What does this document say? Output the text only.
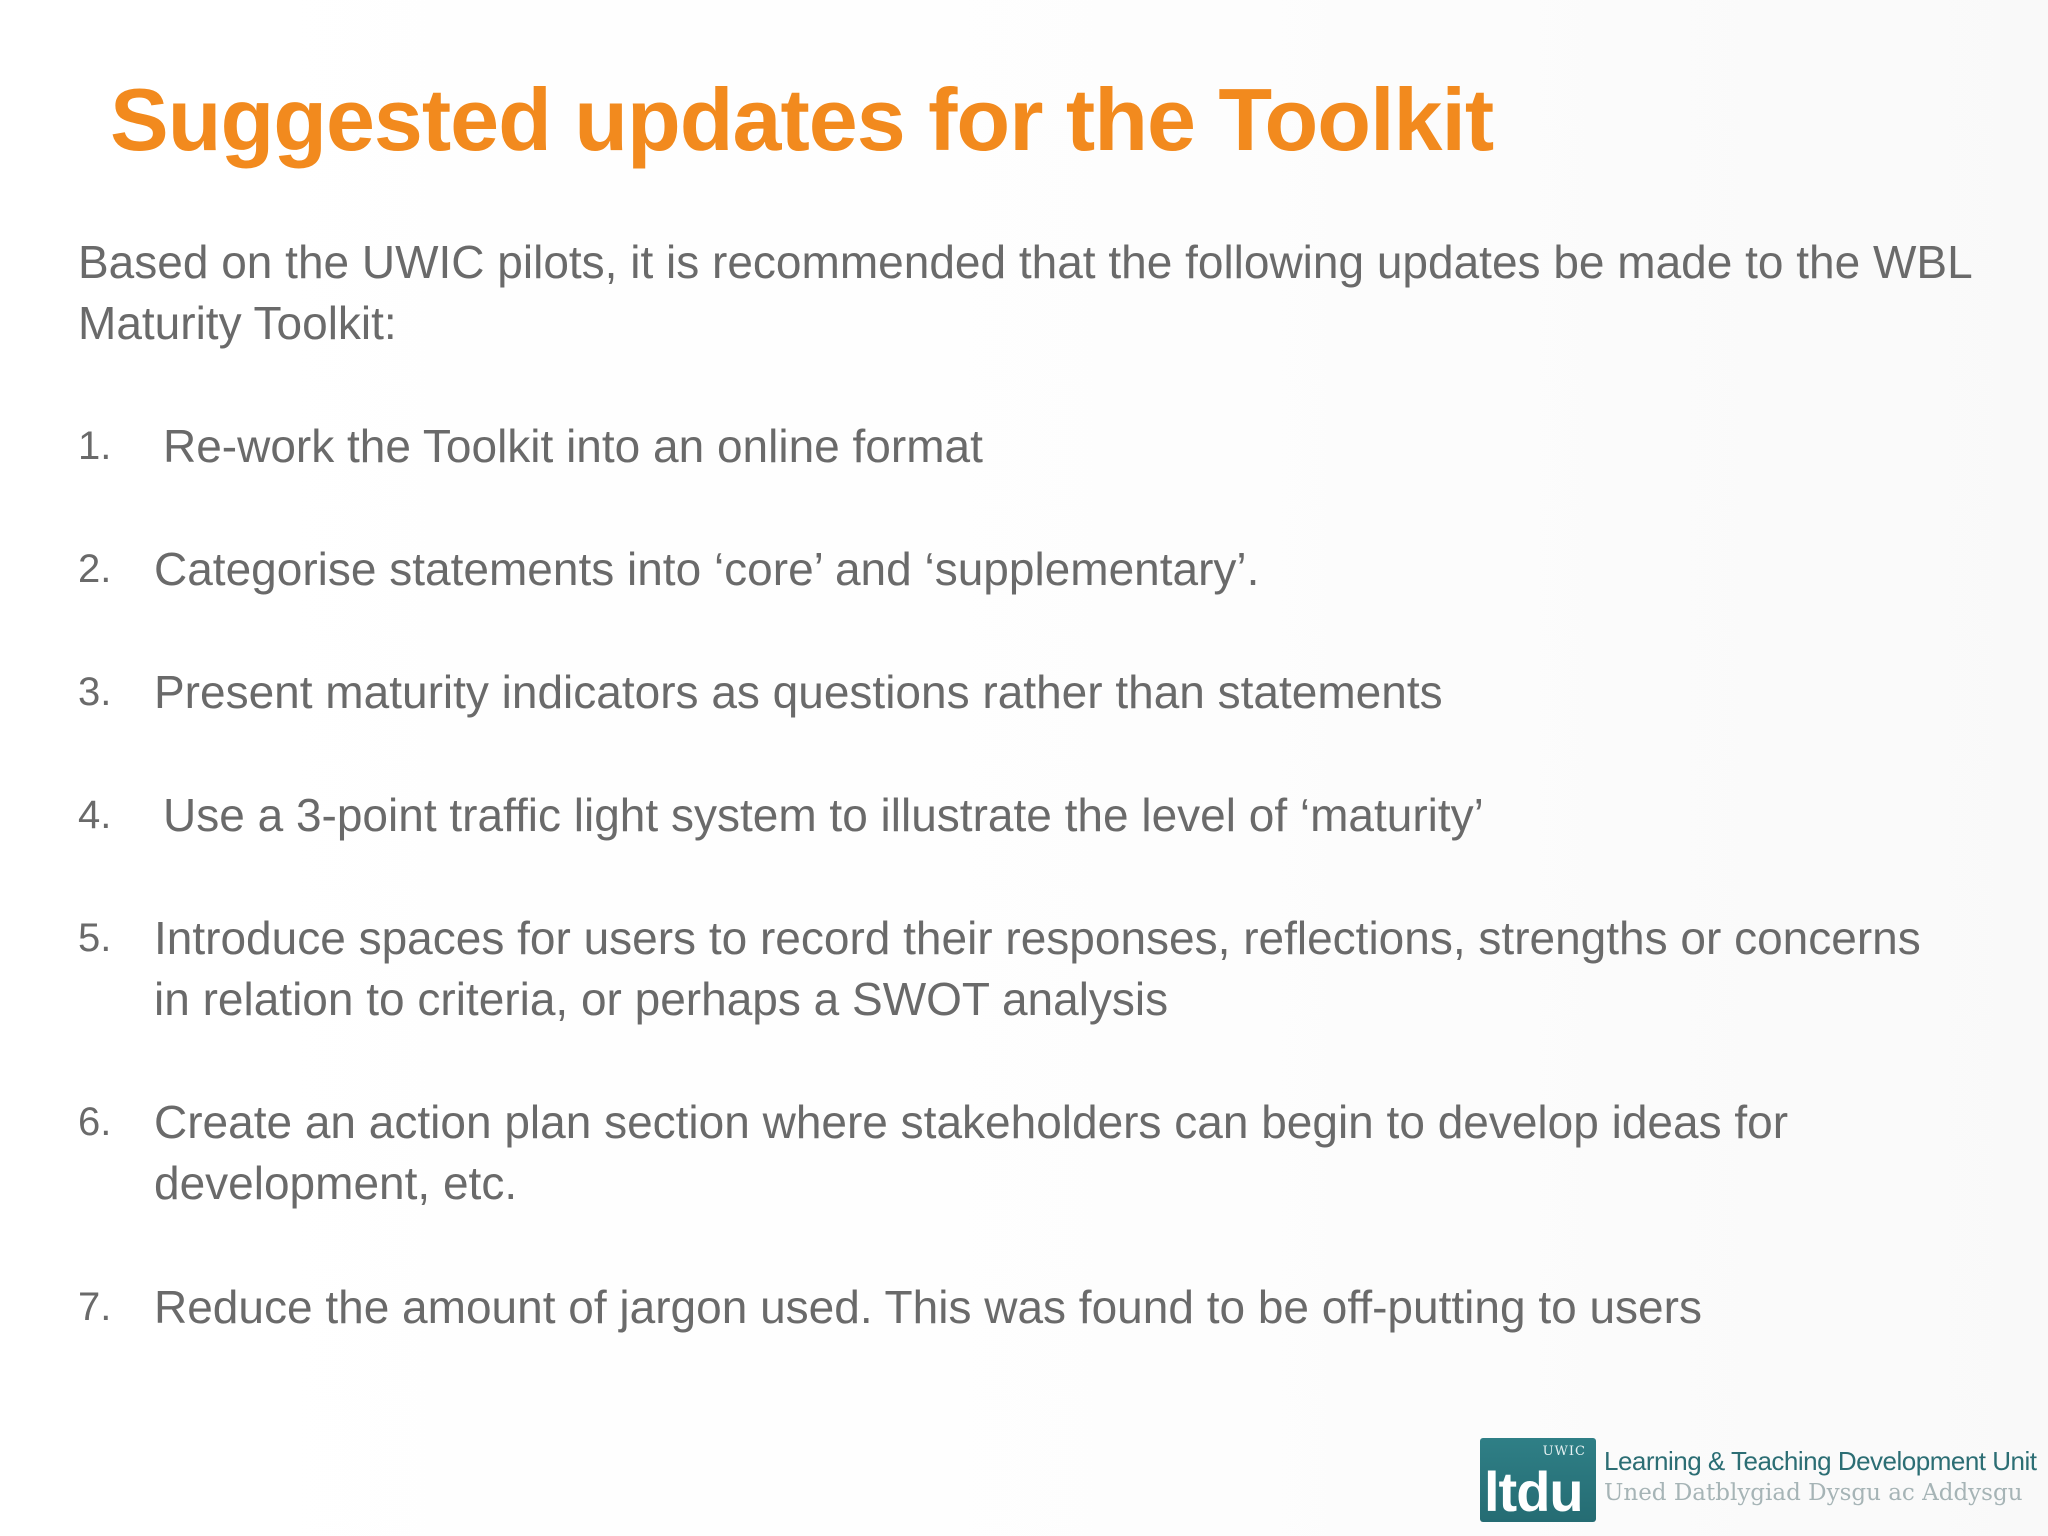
Suggested updates for the Toolkit
Based on the UWIC pilots, it is recommended that the following updates be made to the WBL Maturity Toolkit:
1.	Re-work the Toolkit into an online format
2. Categorise statements into ‘core’ and ‘supplementary’.
3. Present maturity indicators as questions rather than statements
4.	Use a 3-point traffic light system to illustrate the level of ‘maturity’
5. Introduce spaces for users to record their responses, reflections, strengths or concerns in relation to criteria, or perhaps a SWOT analysis
6. Create an action plan section where stakeholders can begin to develop ideas for development, etc.
7. Reduce the amount of jargon used. This was found to be off-putting to users
UWIC
ltdu Learning & Teaching Development Unit
Uned Datblygiad Dysgu ac Addysgu
